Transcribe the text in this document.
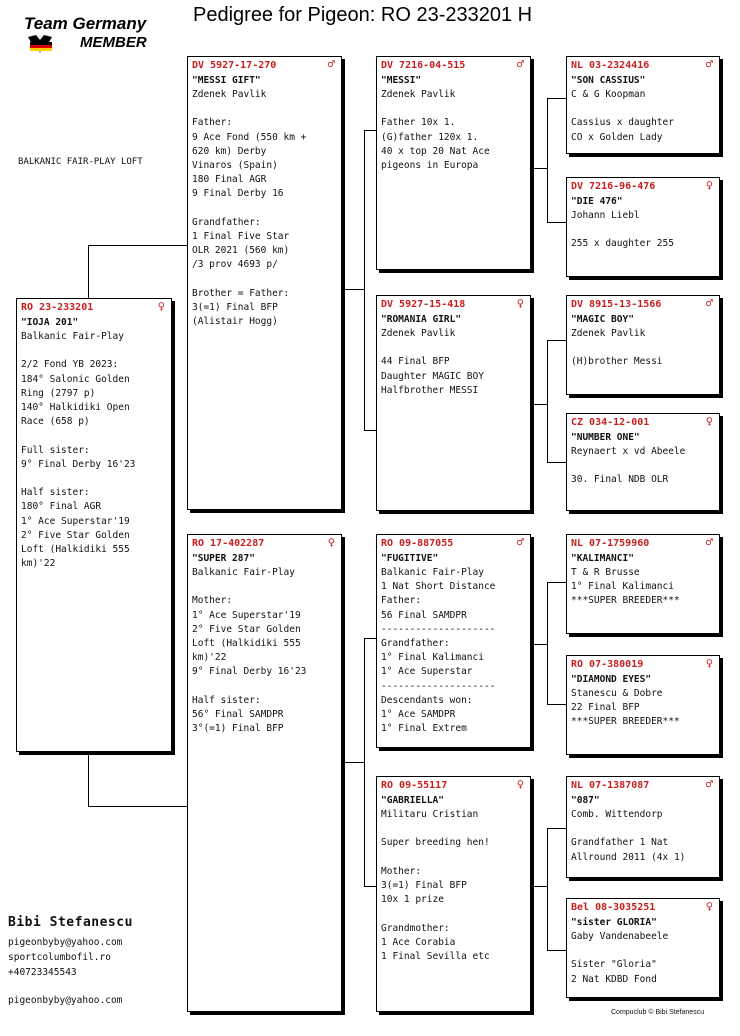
Team Germany
MEMBER
Pedigree for Pigeon: RO 23-233201 H
BALKANIC FAIR-PLAY LOFT
RO 23-233201	♀
"IOJA 201"
Balkanic Fair-Play
2/2 Fond YB 2023:
184° Salonic Golden
Ring (2797 p)
140° Halkidiki Open
Race (658 p)
Full sister:
9° Final Derby 16'23
Half sister:
180° Final AGR
1° Ace Superstar'19
2° Five Star Golden
Loft (Halkidiki 555
km)'22
DV 5927-17-270	♂
"MESSI GIFT"
Zdenek Pavlik
Father:
9 Ace Fond (550 km +
620 km) Derby
Vinaros (Spain)
180 Final AGR
9 Final Derby 16
Grandfather:
1 Final Five Star
OLR 2021 (560 km)
/3 prov 4693 p/
Brother = Father:
3(=1) Final BFP
(Alistair Hogg)
RO 17-402287	♀
"SUPER 287"
Balkanic Fair-Play
Mother:
1° Ace Superstar'19
2° Five Star Golden
Loft (Halkidiki 555
km)'22
9° Final Derby 16'23
Half sister:
56° Final SAMDPR
3°(=1) Final BFP
DV 7216-04-515	♂
"MESSI"
Zdenek Pavlik
Father 10x 1.
(G)father 120x 1.
40 x top 20 Nat Ace
pigeons in Europa
DV 5927-15-418	♀
"ROMANIA GIRL"
Zdenek Pavlik
44 Final BFP
Daughter MAGIC BOY
Halfbrother MESSI
RO 09-887055	♂
"FUGITIVE"
Balkanic Fair-Play
1 Nat Short Distance
Father:
56 Final SAMDPR
--------------------
Grandfather:
1° Final Kalimanci
1° Ace Superstar
--------------------
Descendants won:
1° Ace SAMDPR
1° Final Extrem
RO 09-55117	♀
"GABRIELLA"
Militaru Cristian
Super breeding hen!
Mother:
3(=1) Final BFP
10x 1 prize
Grandmother:
1 Ace Corabia
1 Final Sevilla etc
NL 03-2324416	♂
"SON CASSIUS"
C & G Koopman
Cassius x daughter
CO x Golden Lady
DV 7216-96-476	♀
"DIE 476"
Johann Liebl
255 x daughter 255
DV 8915-13-1566	♂
"MAGIC BOY"
Zdenek Pavlik
(H)brother Messi
CZ 034-12-001	♀
"NUMBER ONE"
Reynaert x vd Abeele
30. Final NDB OLR
NL 07-1759960	♂
"KALIMANCI"
T & R Brusse
1° Final Kalimanci
***SUPER BREEDER***
RO 07-380019	♀
"DIAMOND EYES"
Stanescu & Dobre
22 Final BFP
***SUPER BREEDER***
NL 07-1387087	♂
"087"
Comb. Wittendorp
Grandfather 1 Nat
Allround 2011 (4x 1)
Bel 08-3035251	♀
"sister GLORIA"
Gaby Vandenabeele
Sister "Gloria"
2 Nat KDBD Fond
Bibi Stefanescu
pigeonbyby@yahoo.com
sportcolumbofil.ro
+40723345543
pigeonbyby@yahoo.com
Compuclub © Bibi Stefanescu
